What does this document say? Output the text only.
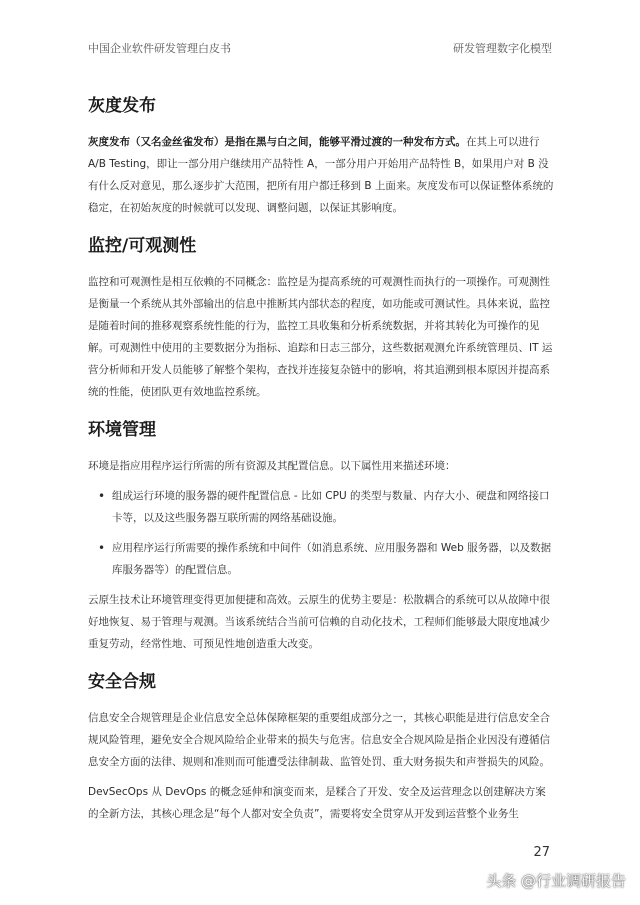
中国企业软件研发管理白皮书	研发管理数字化模型
灰度发布

灰度发布（又名金丝雀发布）是指在黑与白之间，能够平滑过渡的一种发布方式。在其上可以进行A/B Testing，即让一部分用户继续用产品特性 A，一部分用户开始用产品特性 B，如果用户对 B 没有什么反对意见，那么逐步扩大范围，把所有用户都迁移到 B 上面来。灰度发布可以保证整体系统的稳定，在初始灰度的时候就可以发现、调整问题，以保证其影响度。

监控/可观测性

监控和可观测性是相互依赖的不同概念：监控是为提高系统的可观测性而执行的一项操作。可观测性是衡量一个系统从其外部输出的信息中推断其内部状态的程度，如功能或可测试性。具体来说，监控是随着时间的推移观察系统性能的行为，监控工具收集和分析系统数据，并将其转化为可操作的见解。可观测性中使用的主要数据分为指标、追踪和日志三部分，这些数据观测允许系统管理员、IT 运营分析师和开发人员能够了解整个架构，查找并连接复杂链中的影响，将其追溯到根本原因并提高系统的性能，使团队更有效地监控系统。

环境管理

环境是指应用程序运行所需的所有资源及其配置信息。以下属性用来描述环境：

• 组成运行环境的服务器的硬件配置信息 - 比如 CPU 的类型与数量、内存大小、硬盘和网络接口卡等，以及这些服务器互联所需的网络基础设施。
• 应用程序运行所需要的操作系统和中间件（如消息系统、应用服务器和 Web 服务器，以及数据库服务器等）的配置信息。

云原生技术让环境管理变得更加便捷和高效。云原生的优势主要是：松散耦合的系统可以从故障中很好地恢复、易于管理与观测。当该系统结合当前可信赖的自动化技术，工程师们能够最大限度地减少重复劳动，经常性地、可预见性地创造重大改变。

安全合规

信息安全合规管理是企业信息安全总体保障框架的重要组成部分之一，其核心职能是进行信息安全合规风险管理，避免安全合规风险给企业带来的损失与危害。信息安全合规风险是指企业因没有遵循信息安全方面的法律、规则和准则而可能遭受法律制裁、监管处罚、重大财务损失和声誉损失的风险。

DevSecOps 从 DevOps 的概念延伸和演变而来，是糅合了开发、安全及运营理念以创建解决方案的全新方法，其核心理念是“每个人都对安全负责”，需要将安全贯穿从开发到运营整个业务生

27
头条 @行业调研报告
